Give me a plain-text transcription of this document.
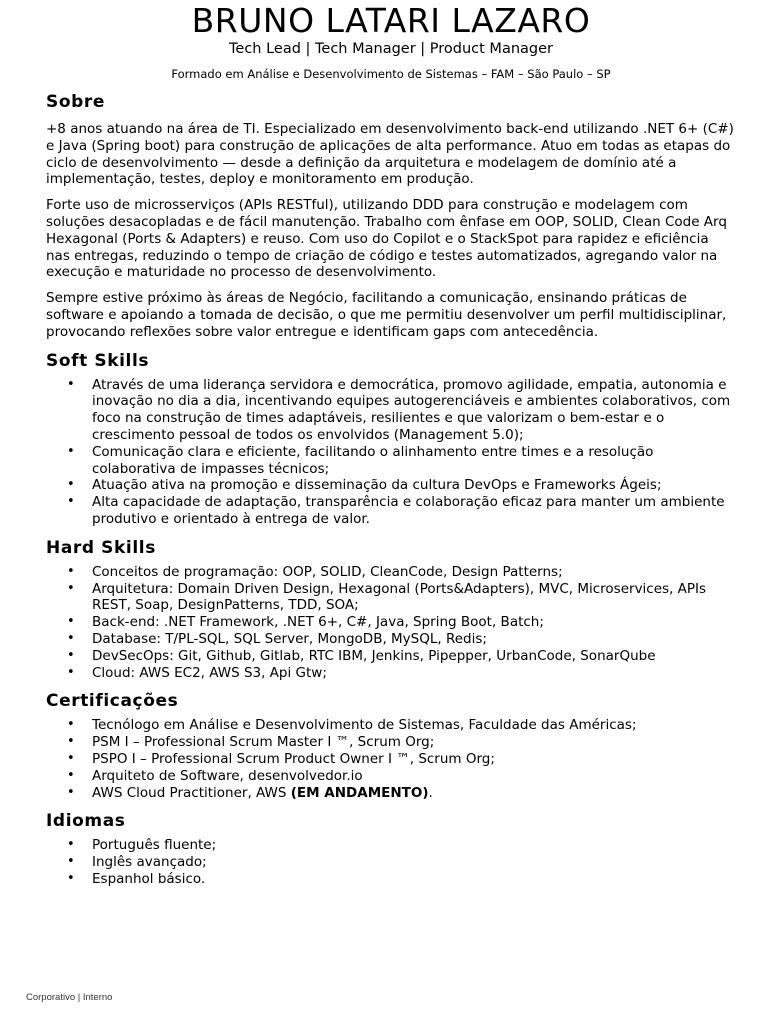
BRUNO LATARI LAZARO
Tech Lead | Tech Manager | Product Manager
Formado em Análise e Desenvolvimento de Sistemas – FAM – São Paulo – SP
Sobre

+8 anos atuando na área de TI. Especializado em desenvolvimento back-end utilizando .NET 6+ (C#) e Java (Spring boot) para construção de aplicações de alta performance. Atuo em todas as etapas do ciclo de desenvolvimento — desde a definição da arquitetura e modelagem de domínio até a implementação, testes, deploy e monitoramento em produção.

Forte uso de microsserviços (APIs RESTful), utilizando DDD para construção e modelagem com soluções desacopladas e de fácil manutenção. Trabalho com ênfase em OOP, SOLID, Clean Code Arq Hexagonal (Ports & Adapters) e reuso. Com uso do Copilot e o StackSpot para rapidez e eficiência nas entregas, reduzindo o tempo de criação de código e testes automatizados, agregando valor na execução e maturidade no processo de desenvolvimento.

Sempre estive próximo às áreas de Negócio, facilitando a comunicação, ensinando práticas de software e apoiando a tomada de decisão, o que me permitiu desenvolver um perfil multidisciplinar, provocando reflexões sobre valor entregue e identificam gaps com antecedência.

Soft Skills
• Através de uma liderança servidora e democrática, promovo agilidade, empatia, autonomia e inovação no dia a dia, incentivando equipes autogerenciáveis e ambientes colaborativos, com foco na construção de times adaptáveis, resilientes e que valorizam o bem-estar e o crescimento pessoal de todos os envolvidos (Management 5.0);
• Comunicação clara e eficiente, facilitando o alinhamento entre times e a resolução colaborativa de impasses técnicos;
• Atuação ativa na promoção e disseminação da cultura DevOps e Frameworks Ágeis;
• Alta capacidade de adaptação, transparência e colaboração eficaz para manter um ambiente produtivo e orientado à entrega de valor.
Hard Skills
• Conceitos de programação: OOP, SOLID, CleanCode, Design Patterns;
• Arquitetura: Domain Driven Design, Hexagonal (Ports&Adapters), MVC, Microservices, APIs REST, Soap, DesignPatterns, TDD, SOA;
• Back-end: .NET Framework, .NET 6+, C#, Java, Spring Boot, Batch;
• Database: T/PL-SQL, SQL Server, MongoDB, MySQL, Redis;
• DevSecOps: Git, Github, Gitlab, RTC IBM, Jenkins, Pipepper, UrbanCode, SonarQube
• Cloud: AWS EC2, AWS S3, Api Gtw;
Certificações
• Tecnólogo em Análise e Desenvolvimento de Sistemas, Faculdade das Américas;
• PSM I – Professional Scrum Master I ™, Scrum Org;
• PSPO I – Professional Scrum Product Owner I ™, Scrum Org;
• Arquiteto de Software, desenvolvedor.io
• AWS Cloud Practitioner, AWS (EM ANDAMENTO).
Idiomas
• Português fluente;
• Inglês avançado;
• Espanhol básico.
Corporativo | Interno
